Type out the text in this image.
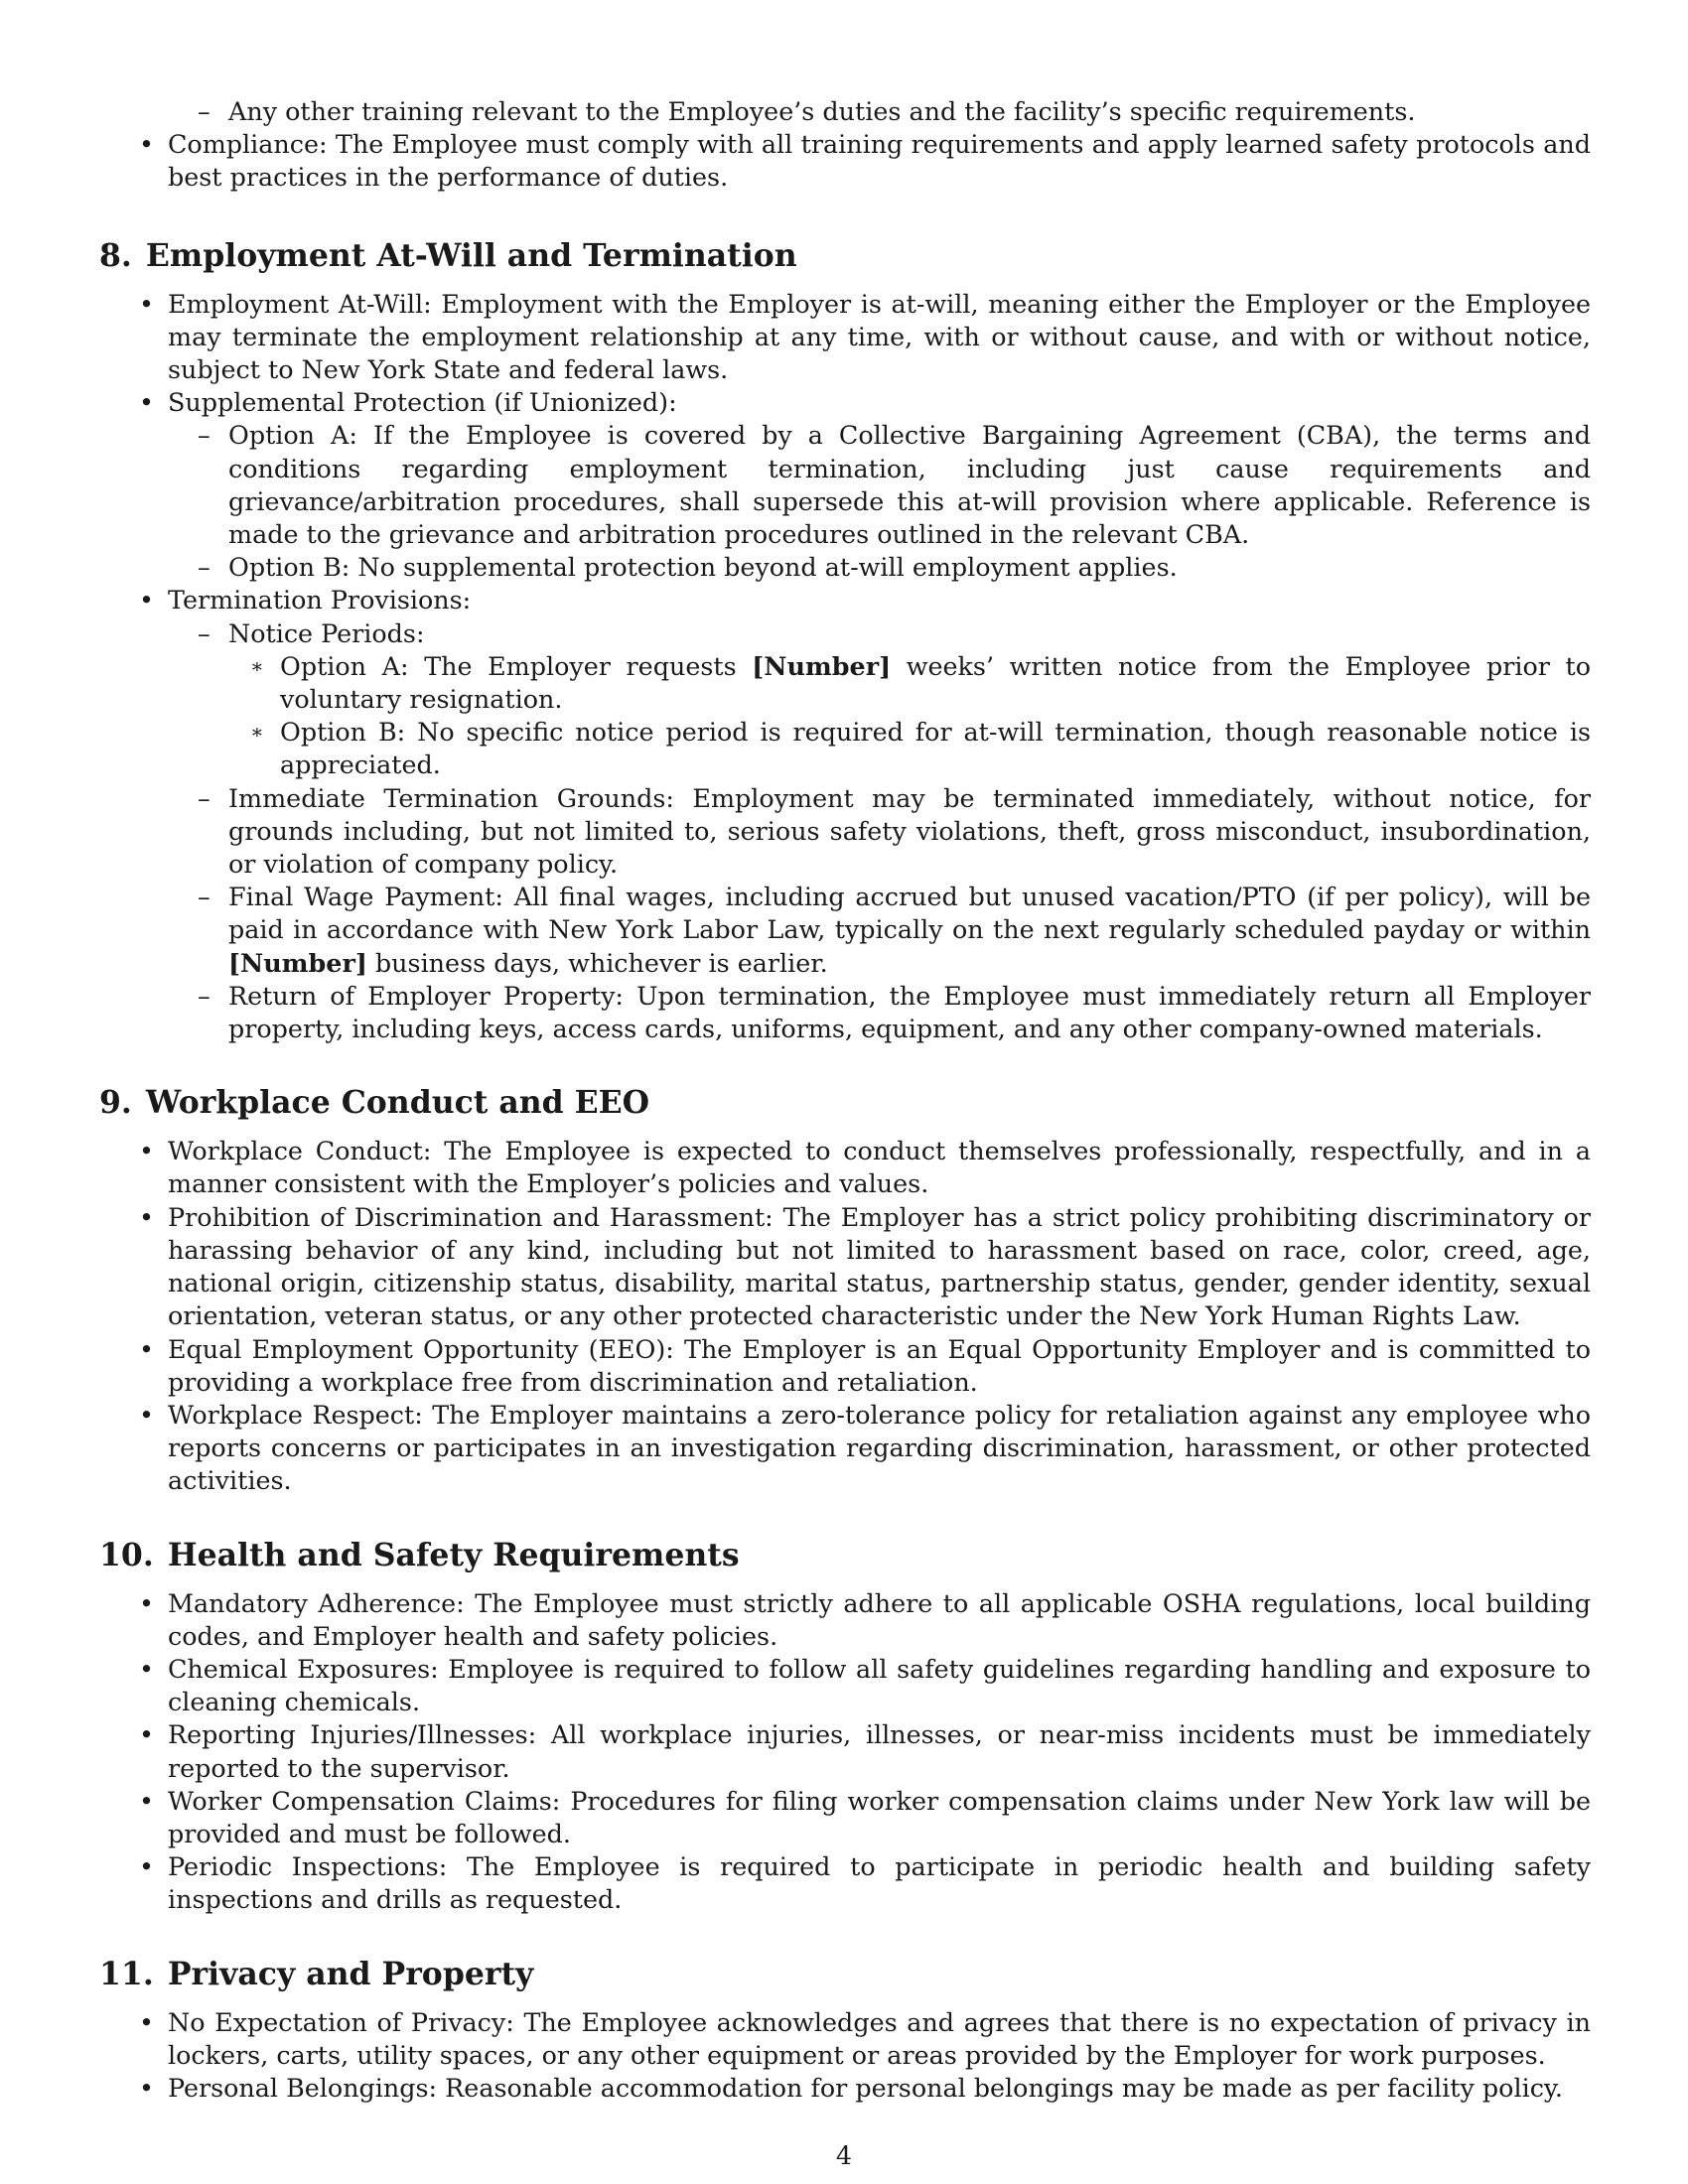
– Any other training relevant to the Employee’s duties and the facility’s specific requirements.
• Compliance: The Employee must comply with all training requirements and apply learned safety protocols and best practices in the performance of duties.
8. Employment At-Will and Termination
• Employment At-Will: Employment with the Employer is at-will, meaning either the Employer or the Employee may terminate the employment relationship at any time, with or without cause, and with or without notice, subject to New York State and federal laws.
• Supplemental Protection (if Unionized):
– Option A: If the Employee is covered by a Collective Bargaining Agreement (CBA), the terms and conditions regarding employment termination, including just cause requirements and grievance/arbitration procedures, shall supersede this at-will provision where applicable. Reference is made to the grievance and arbitration procedures outlined in the relevant CBA.
– Option B: No supplemental protection beyond at-will employment applies.
• Termination Provisions:
– Notice Periods:
∗ Option A: The Employer requests [Number] weeks’ written notice from the Employee prior to voluntary resignation.
∗ Option B: No specific notice period is required for at-will termination, though reasonable notice is appreciated.
– Immediate Termination Grounds: Employment may be terminated immediately, without notice, for grounds including, but not limited to, serious safety violations, theft, gross misconduct, insubordination, or violation of company policy.
– Final Wage Payment: All final wages, including accrued but unused vacation/PTO (if per policy), will be paid in accordance with New York Labor Law, typically on the next regularly scheduled payday or within [Number] business days, whichever is earlier.
– Return of Employer Property: Upon termination, the Employee must immediately return all Employer property, including keys, access cards, uniforms, equipment, and any other company-owned materials.
9. Workplace Conduct and EEO
• Workplace Conduct: The Employee is expected to conduct themselves professionally, respectfully, and in a manner consistent with the Employer’s policies and values.
• Prohibition of Discrimination and Harassment: The Employer has a strict policy prohibiting discriminatory or harassing behavior of any kind, including but not limited to harassment based on race, color, creed, age, national origin, citizenship status, disability, marital status, partnership status, gender, gender identity, sexual orientation, veteran status, or any other protected characteristic under the New York Human Rights Law.
• Equal Employment Opportunity (EEO): The Employer is an Equal Opportunity Employer and is committed to providing a workplace free from discrimination and retaliation.
• Workplace Respect: The Employer maintains a zero-tolerance policy for retaliation against any employee who reports concerns or participates in an investigation regarding discrimination, harassment, or other protected activities.
10. Health and Safety Requirements
• Mandatory Adherence: The Employee must strictly adhere to all applicable OSHA regulations, local building codes, and Employer health and safety policies.
• Chemical Exposures: Employee is required to follow all safety guidelines regarding handling and exposure to cleaning chemicals.
• Reporting Injuries/Illnesses: All workplace injuries, illnesses, or near-miss incidents must be immediately reported to the supervisor.
• Worker Compensation Claims: Procedures for filing worker compensation claims under New York law will be provided and must be followed.
• Periodic Inspections: The Employee is required to participate in periodic health and building safety inspections and drills as requested.
11. Privacy and Property
• No Expectation of Privacy: The Employee acknowledges and agrees that there is no expectation of privacy in lockers, carts, utility spaces, or any other equipment or areas provided by the Employer for work purposes.
• Personal Belongings: Reasonable accommodation for personal belongings may be made as per facility policy.
4
